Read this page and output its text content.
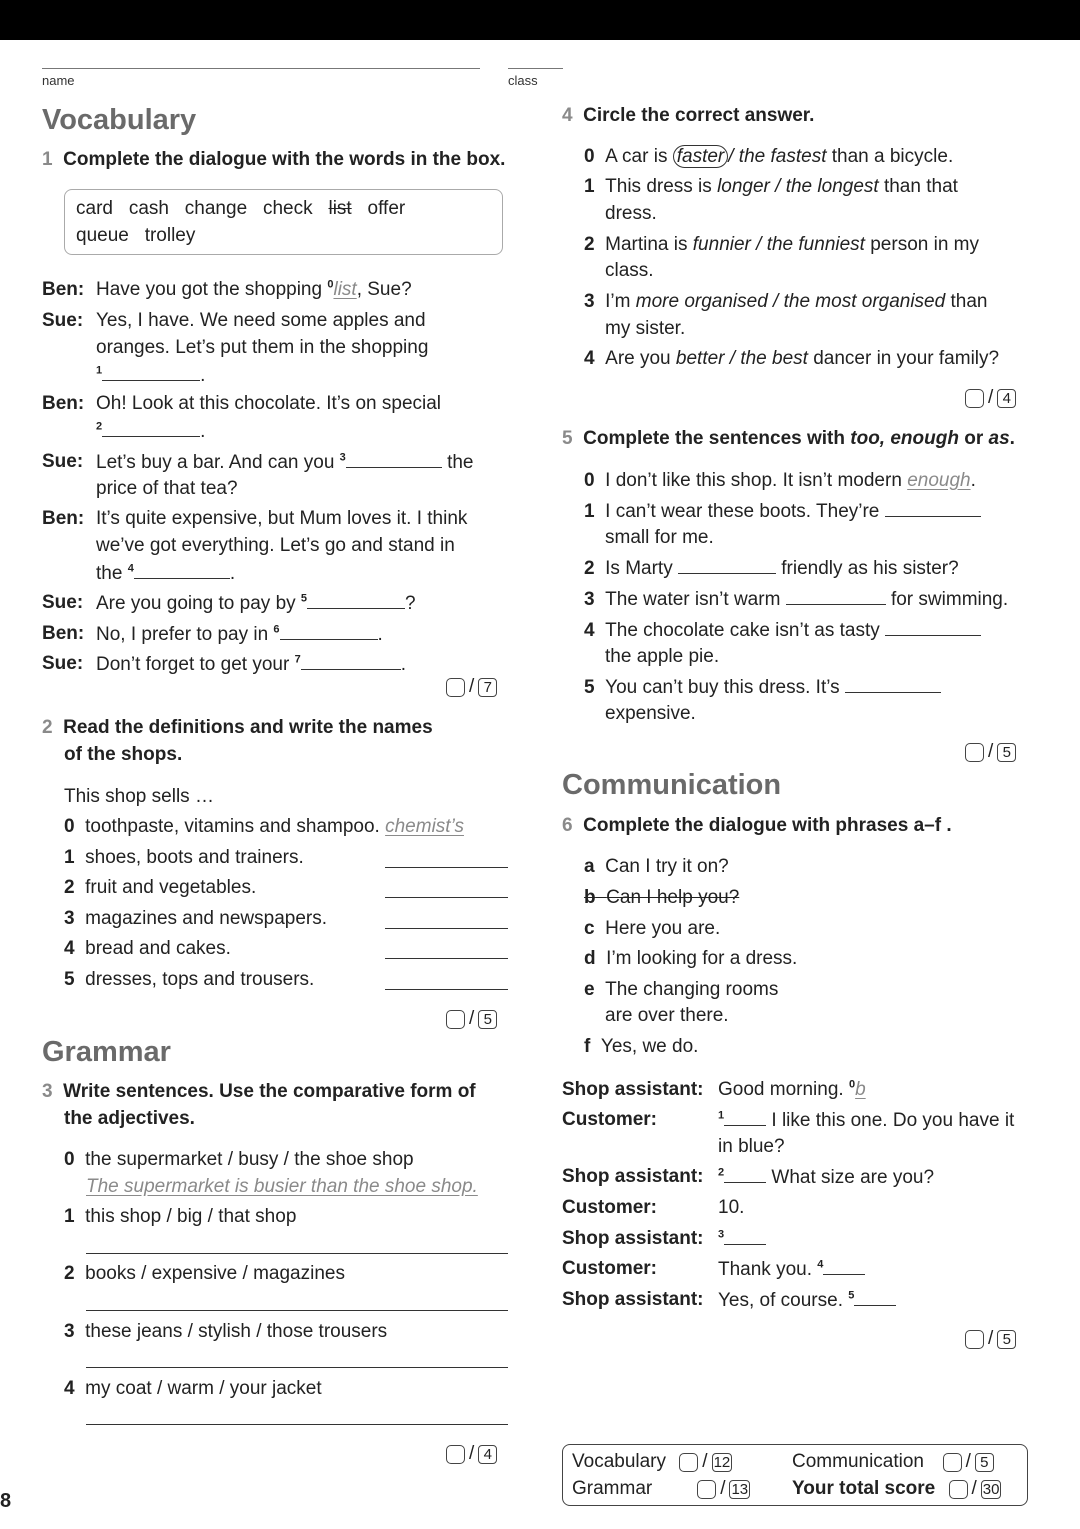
name	class
Vocabulary
1 Complete the dialogue with the words in the box.
card cash change check list offer
queue trolley
Ben: Have you got the shopping $^0$list, Sue?
Sue: Yes, I have. We need some apples and
oranges. Let’s put them in the shopping
$^1$	.
Ben: Oh! Look at this chocolate. It’s on special
$^2$	.
Sue: Let’s buy a bar. And can you $^3$	the
price of that tea?
Ben: It’s quite expensive, but Mum loves it. I think
we’ve got everything. Let’s go and stand in
the $^4$	.
Sue: Are you going to pay by $^5$	?
Ben: No, I prefer to pay in $^6$	.
Sue: Don’t forget to get your $^7$	.
/ 7
2 Read the definitions and write the names
of the shops.
This shop sells …
0 toothpaste, vitamins and shampoo. chemist’s
1 shoes, boots and trainers.
2 fruit and vegetables.
3 magazines and newspapers.
4 bread and cakes.
5 dresses, tops and trousers.
/ 5
Grammar
3 Write sentences. Use the comparative form of
the adjectives.
0 the supermarket / busy / the shoe shop
The supermarket is busier than the shoe shop.
1 this shop / big / that shop
2 books / expensive / magazines
3 these jeans / stylish / those trousers
4 my coat / warm / your jacket
/ 4
8
4 Circle the correct answer.
0 A car is faster / the fastest than a bicycle.
1 This dress is longer / the longest than that
dress.
2 Martina is funnier / the funniest person in my
class.
3 I’m more organised / the most organised than
my sister.
4 Are you better / the best dancer in your family?
/ 4
5 Complete the sentences with too, enough or as.
0 I don’t like this shop. It isn’t modern enough.
1 I can’t wear these boots. They’re
small for me.
2 Is Marty	friendly as his sister?
3 The water isn’t warm	for swimming.
4 The chocolate cake isn’t as tasty
the apple pie.
5 You can’t buy this dress. It’s
expensive.
/ 5
Communication
6 Complete the dialogue with phrases a–f .
a Can I try it on?
b Can I help you?
c Here you are.
d I’m looking for a dress.
e The changing rooms
are over there.
f Yes, we do.
Shop assistant: Good morning. $^0$b
Customer:	$^1$ I like this one. Do you have it
in blue?
Shop assistant: $^2$ What size are you?
Customer:	10.
Shop assistant: $^3$
Customer:	Thank you. $^4$
Shop assistant: Yes, of course. $^5$
/ 5
Vocabulary
/ 12
Grammar
	/ 13
Communication
/ 5
Your total score
/ 30
